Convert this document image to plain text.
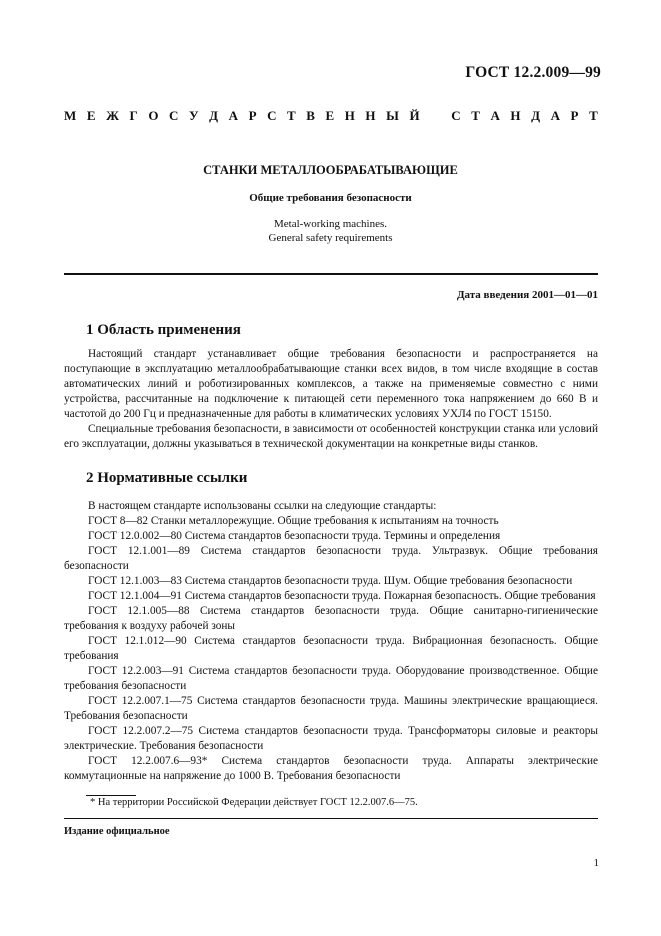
ГОСТ 12.2.009—99
М Е Ж Г О С У Д А Р С Т В Е Н Н Ы Й С Т А Н Д А Р Т
СТАНКИ МЕТАЛЛООБРАБАТЫВАЮЩИЕ
Общие требования безопасности
Metal-working machines.
General safety requirements
Дата введения 2001—01—01
1 Область применения

Настоящий стандарт устанавливает общие требования безопасности и распространяется на поступающие в эксплуатацию металлообрабатывающие станки всех видов, в том числе входящие в состав автоматических линий и роботизированных комплексов, а также на применяемые совместно с ними устройства, рассчитанные на подключение к питающей сети переменного тока напряжением до 660 В и частотой до 200 Гц и предназначенные для работы в климатических условиях УХЛ4 по ГОСТ 15150.

Специальные требования безопасности, в зависимости от особенностей конструкции станка или условий его эксплуатации, должны указываться в технической документации на конкретные виды станков.

2 Нормативные ссылки

В настоящем стандарте использованы ссылки на следующие стандарты:

ГОСТ 8—82 Станки металлорежущие. Общие требования к испытаниям на точность

ГОСТ 12.0.002—80 Система стандартов безопасности труда. Термины и определения

ГОСТ 12.1.001—89 Система стандартов безопасности труда. Ультразвук. Общие требования безопасности

ГОСТ 12.1.003—83 Система стандартов безопасности труда. Шум. Общие требования безопасности

ГОСТ 12.1.004—91 Система стандартов безопасности труда. Пожарная безопасность. Общие требования

ГОСТ 12.1.005—88 Система стандартов безопасности труда. Общие санитарно-гигиенические требования к воздуху рабочей зоны

ГОСТ 12.1.012—90 Система стандартов безопасности труда. Вибрационная безопасность. Общие требования

ГОСТ 12.2.003—91 Система стандартов безопасности труда. Оборудование производственное. Общие требования безопасности

ГОСТ 12.2.007.1—75 Система стандартов безопасности труда. Машины электрические вращающиеся. Требования безопасности

ГОСТ 12.2.007.2—75 Система стандартов безопасности труда. Трансформаторы силовые и реакторы электрические. Требования безопасности

ГОСТ 12.2.007.6—93* Система стандартов безопасности труда. Аппараты электрические коммутационные на напряжение до 1000 В. Требования безопасности

* На территории Российской Федерации действует ГОСТ 12.2.007.6—75.
Издание официальное
1
